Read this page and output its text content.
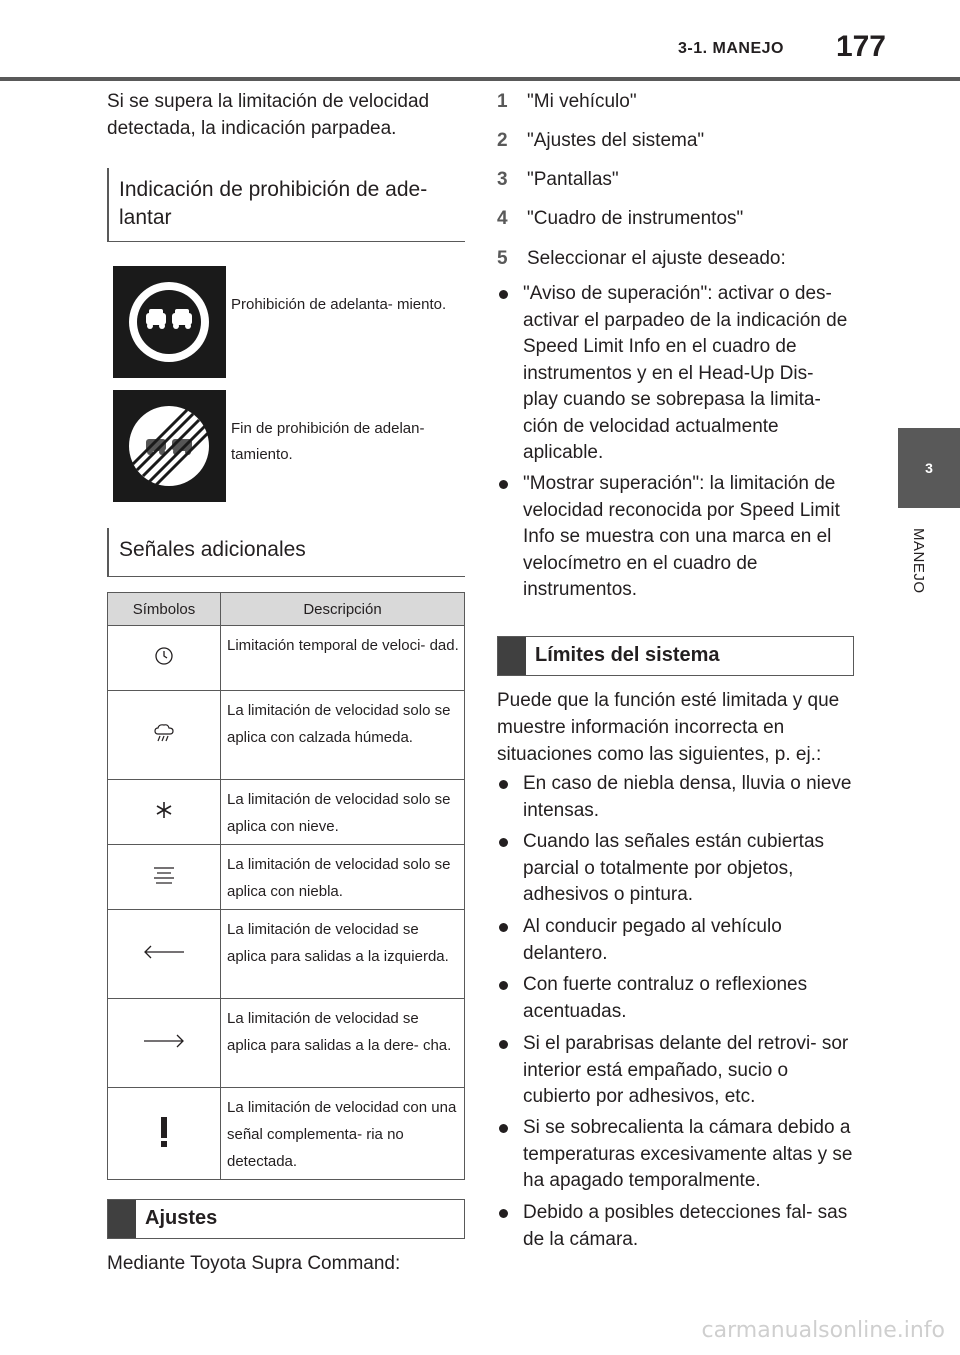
3-1. MANEJO 177
3
MANEJO
Si se supera la limitación de velocidad detectada, la indicación parpadea.
Indicación de prohibición de ade- lantar
Prohibición de adelanta- miento.
Fin de prohibición de adelan- tamiento.
Señales adicionales
Símbolos	Descripción
	Limitación temporal de veloci- dad.
	La limitación de velocidad solo se aplica con calzada húmeda.
	La limitación de velocidad solo se aplica con nieve.
	La limitación de velocidad solo se aplica con niebla.
	La limitación de velocidad se aplica para salidas a la izquierda.
	La limitación de velocidad se aplica para salidas a la dere- cha.
	La limitación de velocidad con una señal complementa- ria no detectada.
Ajustes
Mediante Toyota Supra Command:
1 "Mi vehículo"
2 "Ajustes del sistema"
3 "Pantallas"
4 "Cuadro de instrumentos"
5 Seleccionar el ajuste deseado:
"Aviso de superación": activar o des- activar el parpadeo de la indicación de Speed Limit Info en el cuadro de instrumentos y en el Head-Up Dis- play cuando se sobrepasa la limita- ción de velocidad actualmente aplicable.
"Mostrar superación": la limitación de velocidad reconocida por Speed Limit Info se muestra con una marca en el velocímetro en el cuadro de instrumentos.
Límites del sistema
Puede que la función esté limitada y que muestre información incorrecta en situaciones como las siguientes, p. ej.:
En caso de niebla densa, lluvia o nieve intensas.
Cuando las señales están cubiertas parcial o totalmente por objetos, adhesivos o pintura.
Al conducir pegado al vehículo delantero.
Con fuerte contraluz o reflexiones acentuadas.
Si el parabrisas delante del retrovi- sor interior está empañado, sucio o cubierto por adhesivos, etc.
Si se sobrecalienta la cámara debido a temperaturas excesivamente altas y se ha apagado temporalmente.
Debido a posibles detecciones fal- sas de la cámara.
carmanualsonline.info
